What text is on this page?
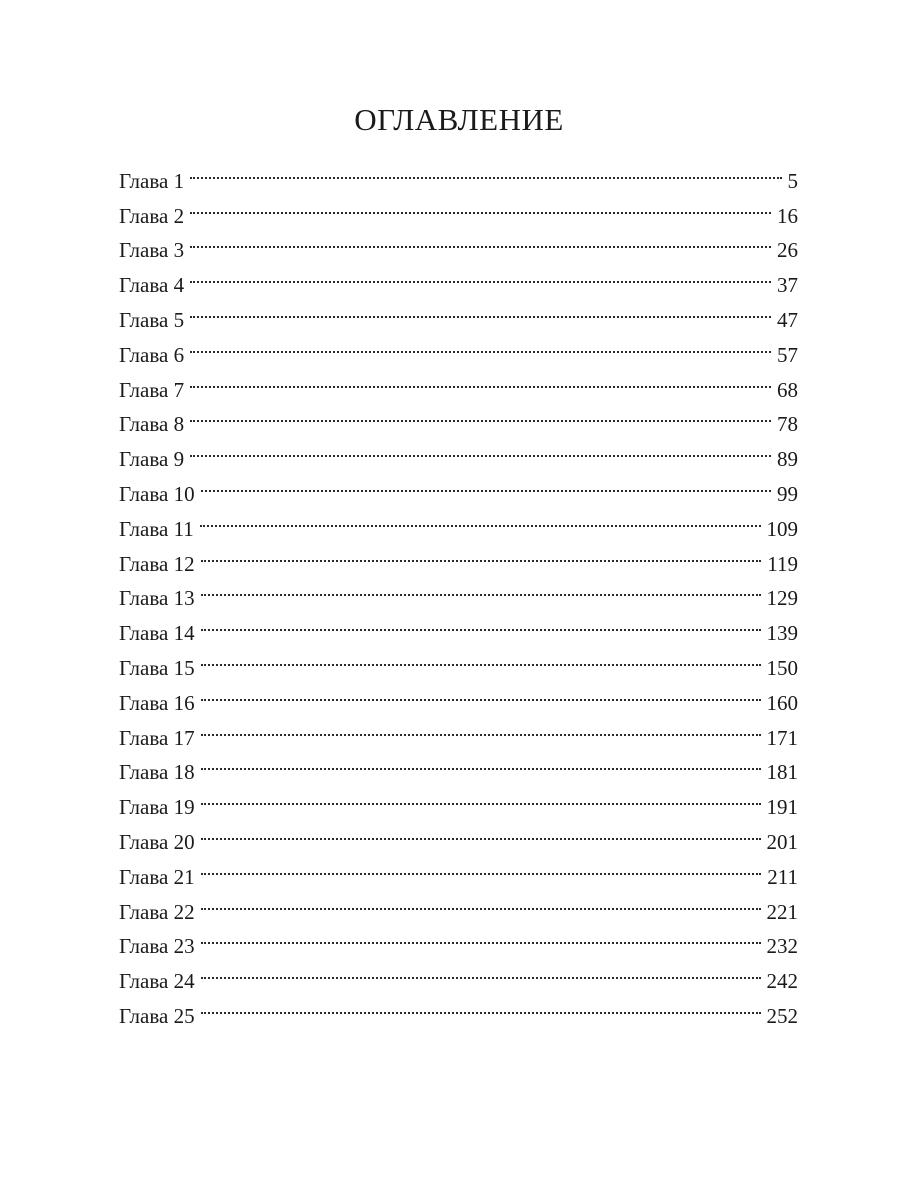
ОГЛАВЛЕНИЕ
Глава 1	5
Глава 2	16
Глава 3	26
Глава 4	37
Глава 5	47
Глава 6	57
Глава 7	68
Глава 8	78
Глава 9	89
Глава 10	99
Глава 11	109
Глава 12	119
Глава 13	129
Глава 14	139
Глава 15	150
Глава 16	160
Глава 17	171
Глава 18	181
Глава 19	191
Глава 20	201
Глава 21	211
Глава 22	221
Глава 23	232
Глава 24	242
Глава 25	252
